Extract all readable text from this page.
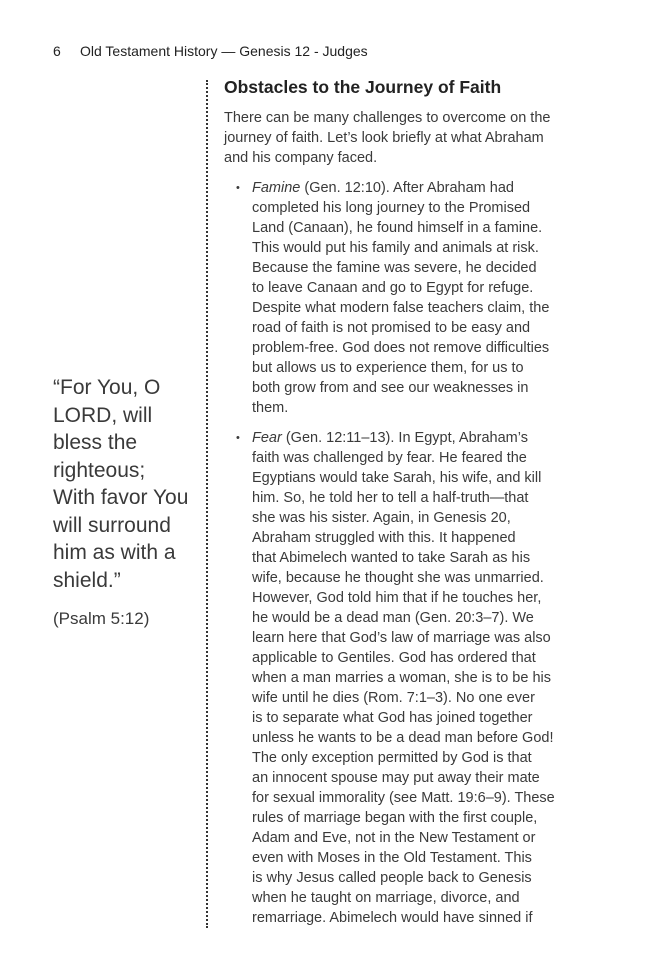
6 Old Testament History — Genesis 12 - Judges
“For You, O
LORD, will
bless the
righteous;
With favor You
will surround
him as with a
shield.”
(Psalm 5:12)
Obstacles to the Journey of Faith
There can be many challenges to overcome on the
journey of faith. Let’s look briefly at what Abraham
and his company faced.
• Famine (Gen. 12:10). After Abraham had
completed his long journey to the Promised
Land (Canaan), he found himself in a famine.
This would put his family and animals at risk.
Because the famine was severe, he decided
to leave Canaan and go to Egypt for refuge.
Despite what modern false teachers claim, the
road of faith is not promised to be easy and
problem-free. God does not remove difficulties
but allows us to experience them, for us to
both grow from and see our weaknesses in
them.
• Fear (Gen. 12:11–13). In Egypt, Abraham’s
faith was challenged by fear. He feared the
Egyptians would take Sarah, his wife, and kill
him. So, he told her to tell a half-truth—that
she was his sister. Again, in Genesis 20,
Abraham struggled with this. It happened
that Abimelech wanted to take Sarah as his
wife, because he thought she was unmarried.
However, God told him that if he touches her,
he would be a dead man (Gen. 20:3–7). We
learn here that God’s law of marriage was also
applicable to Gentiles. God has ordered that
when a man marries a woman, she is to be his
wife until he dies (Rom. 7:1–3). No one ever
is to separate what God has joined together
unless he wants to be a dead man before God!
The only exception permitted by God is that
an innocent spouse may put away their mate
for sexual immorality (see Matt. 19:6–9). These
rules of marriage began with the first couple,
Adam and Eve, not in the New Testament or
even with Moses in the Old Testament. This
is why Jesus called people back to Genesis
when he taught on marriage, divorce, and
remarriage. Abimelech would have sinned if
